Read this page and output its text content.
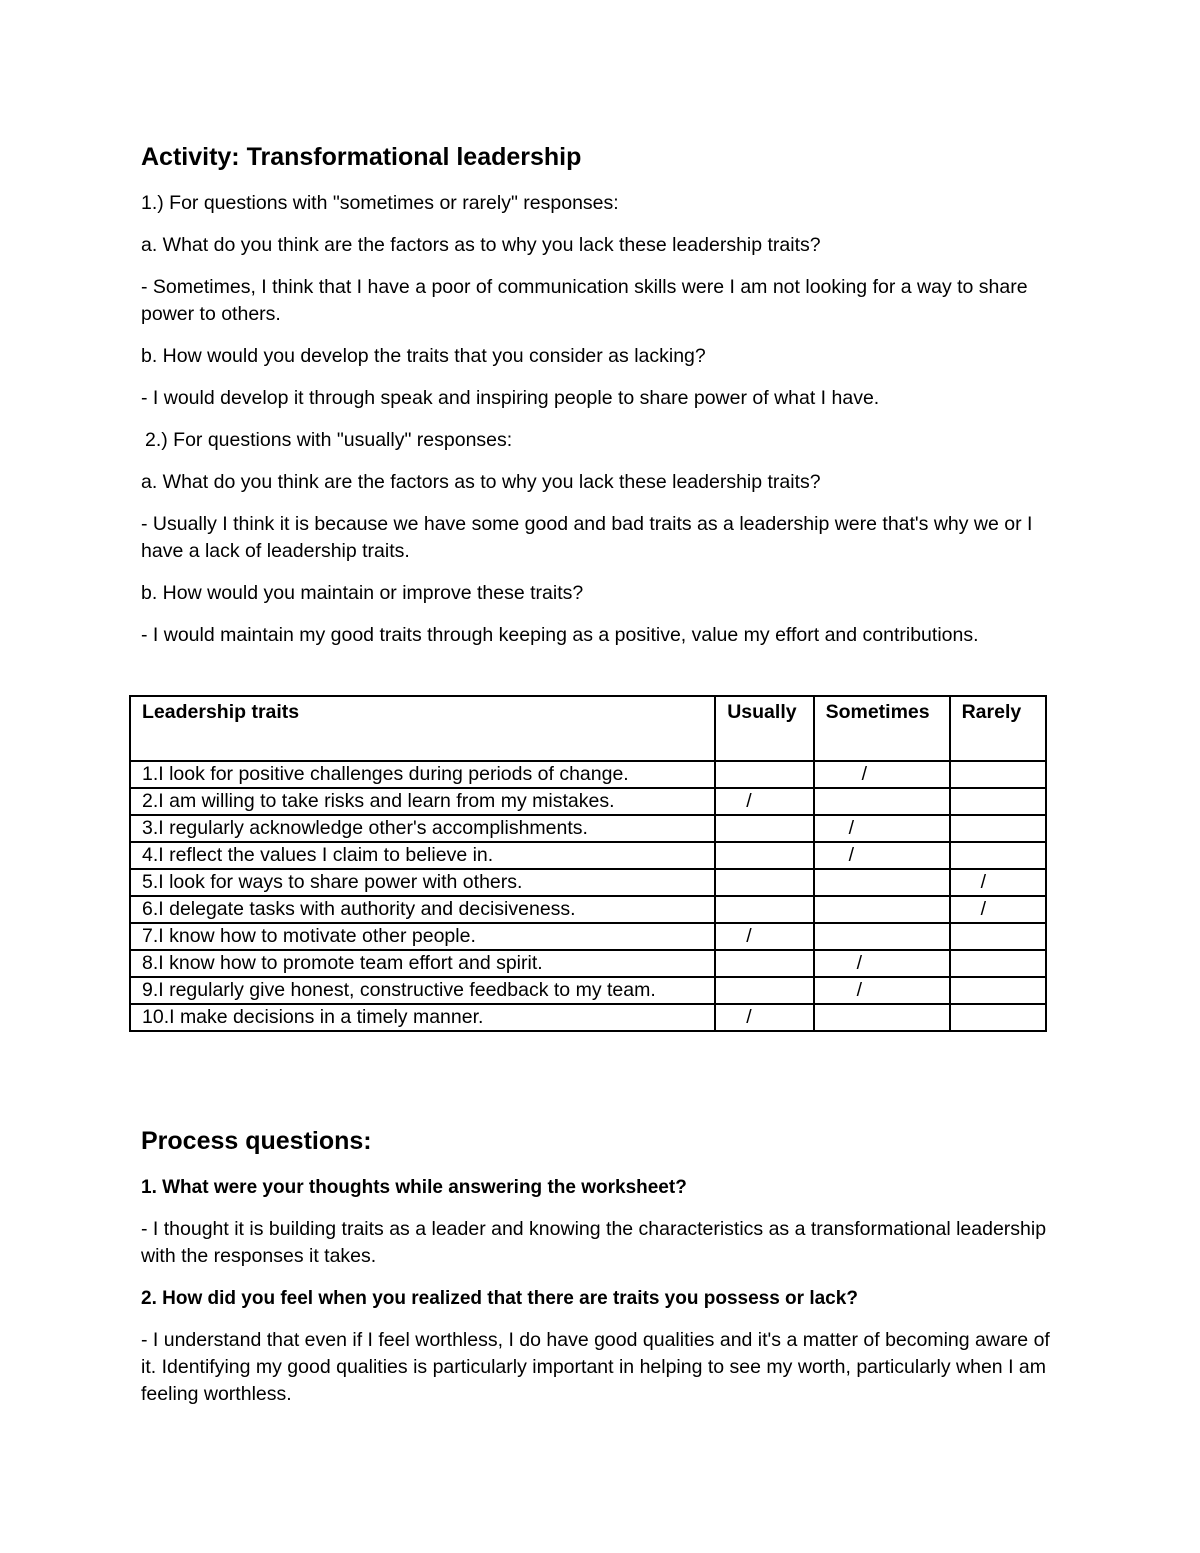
Activity: Transformational leadership
1.) For questions with "sometimes or rarely" responses:
a. What do you think are the factors as to why you lack these leadership traits?
- Sometimes, I think that I have a poor of communication skills were I am not looking for a way to share power to others.
b. How would you develop the traits that you consider as lacking?
- I would develop it through speak and inspiring people to share power of what I have.
2.) For questions with "usually" responses:
a. What do you think are the factors as to why you lack these leadership traits?
- Usually I think it is because we have some good and bad traits as a leadership were that's why we or I have a lack of leadership traits.
b. How would you maintain or improve these traits?
- I would maintain my good traits through keeping as a positive, value my effort and contributions.
Leadership traits	Usually	Sometimes	Rarely
1.I look for positive challenges during periods of change.		/	

2.I am willing to take risks and learn from my mistakes.	/		

3.I regularly acknowledge other's accomplishments.		/	

4.I reflect the values I claim to believe in.		/	

5.I look for ways to share power with others.			/

6.I delegate tasks with authority and decisiveness.			/

7.I know how to motivate other people.	/		

8.I know how to promote team effort and spirit.		/	

9.I regularly give honest, constructive feedback to my team.		/	

10.I make decisions in a timely manner.	/		

Process questions:
1. What were your thoughts while answering the worksheet?
- I thought it is building traits as a leader and knowing the characteristics as a transformational leadership with the responses it takes.
2. How did you feel when you realized that there are traits you possess or lack?
- I understand that even if I feel worthless, I do have good qualities and it's a matter of becoming aware of it. Identifying my good qualities is particularly important in helping to see my worth, particularly when I am feeling worthless.
